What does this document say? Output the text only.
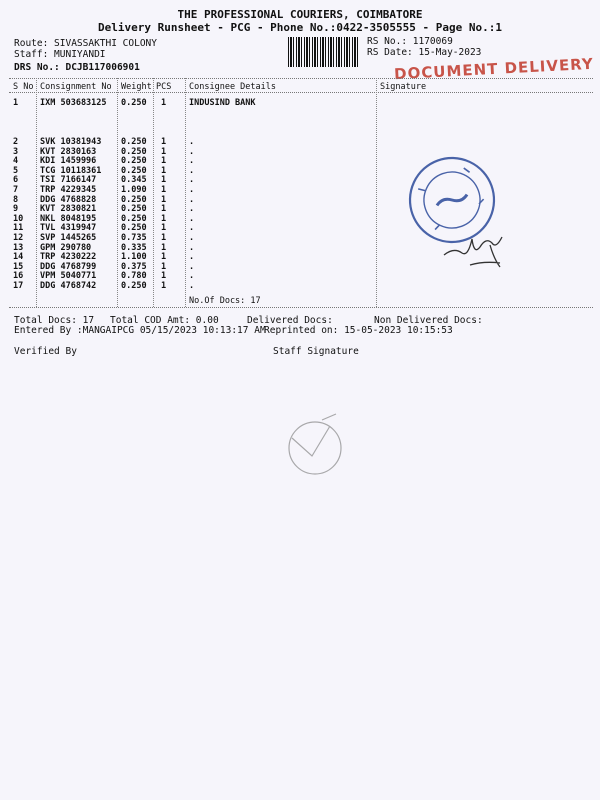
THE PROFESSIONAL COURIERS, COIMBATORE
Delivery Runsheet - PCG - Phone No.:0422-3505555 - Page No.:1
Route: SIVASSAKTHI COLONY
Staff: MUNIYANDI
DRS No.: DCJB117006901
RS No.: 1170069
RS Date: 15-May-2023
DOCUMENT DELIVERY
S No Consignment No Weight PCS Consignee Details	Signature
1	IXM 503683125 0.250 1	INDUSIND BANK
2	SVK 10381943 0.250 1	.
3	KVT 2830163	0.250 1	.
4	KDI 1459996	0.250 1	.
5	TCG 10118361 0.250 1	.
6	TSI 7166147	0.345 1	.
7	TRP 4229345	1.090 1	.
8	DDG 4768828	0.250 1	.
9	KVT 2830821	0.250 1	.
10 NKL 8048195	0.250 1	.
11 TVL 4319947	0.250 1	.
12 SVP 1445265	0.735 1	.
13 GPM 290780	0.335 1	.
14 TRP 4230222	1.100 1	.
15 DDG 4768799	0.375 1	.
16 VPM 5040771	0.780 1	.
17 DDG 4768742	0.250 1	.
No.Of Docs: 17
Total Docs: 17 Total COD Amt: 0.00	Delivered Docs:	Non Delivered Docs:
Entered By :MANGAIPCG 05/15/2023 10:13:17 AM
Reprinted on: 15-05-2023 10:15:53
Verified By	Staff Signature
